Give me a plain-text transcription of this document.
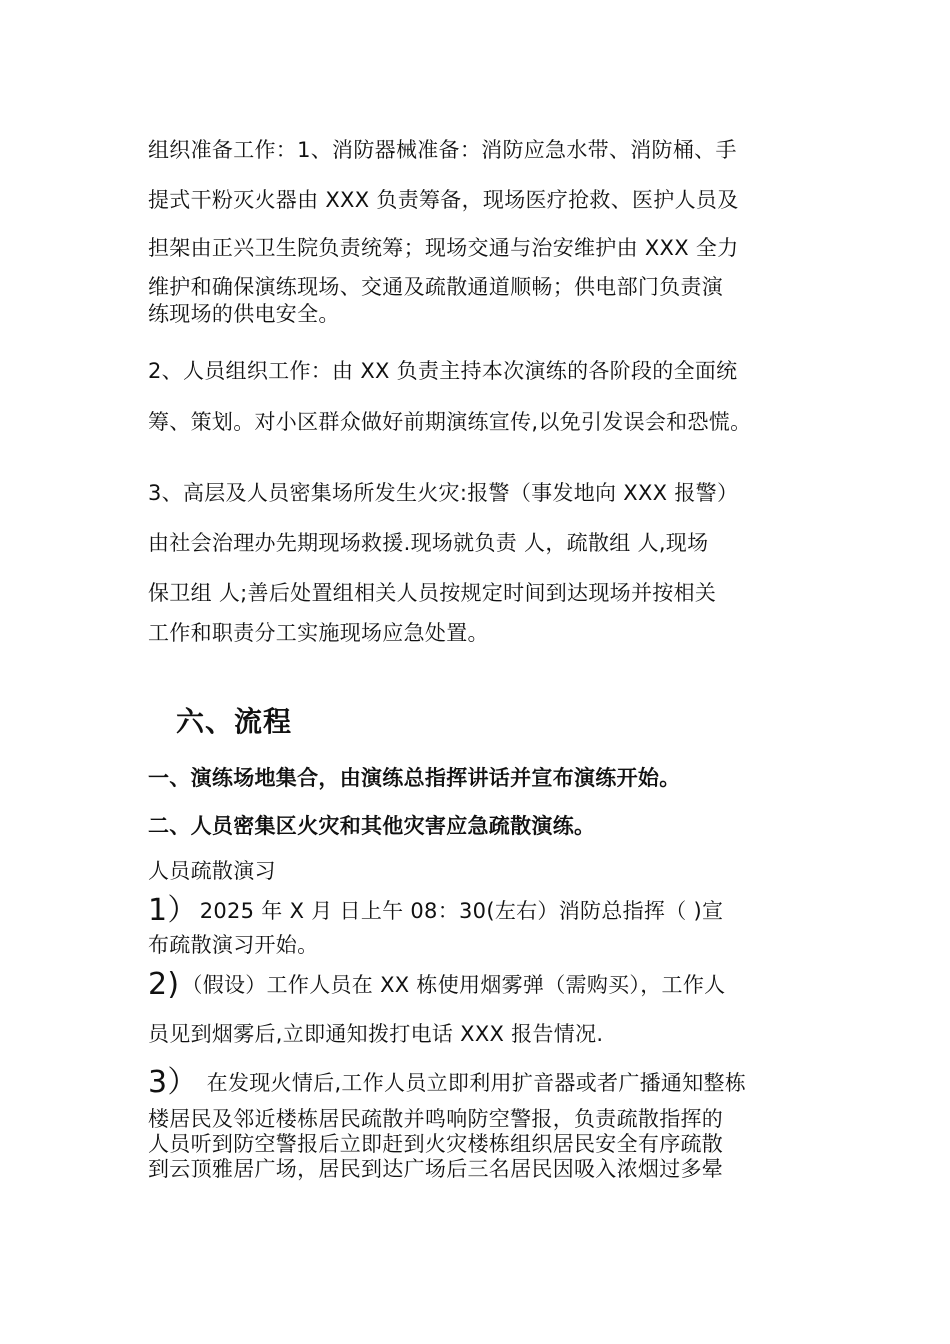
组织准备工作：1、消防器械准备：消防应急水带、消防桶、手
提式干粉灭火器由 XXX 负责筹备，现场医疗抢救、医护人员及
担架由正兴卫生院负责统筹；现场交通与治安维护由 XXX 全力
维护和确保演练现场、交通及疏散通道顺畅；供电部门负责演
练现场的供电安全。
2、人员组织工作：由 XX 负责主持本次演练的各阶段的全面统
筹、策划。对小区群众做好前期演练宣传,以免引发误会和恐慌。
3、高层及人员密集场所发生火灾:报警（事发地向 XXX 报警）
由社会治理办先期现场救援.现场就负责 人，疏散组 人,现场
保卫组 人;善后处置组相关人员按规定时间到达现场并按相关
工作和职责分工实施现场应急处置。
六、流程
一、演练场地集合，由演练总指挥讲话并宣布演练开始。
二、人员密集区火灾和其他灾害应急疏散演练。
人员疏散演习
1）2025 年 X 月 日上午 08：30(左右）消防总指挥（ )宣
布疏散演习开始。
2)（假设）工作人员在 XX 栋使用烟雾弹（需购买），工作人
员见到烟雾后,立即通知拨打电话 XXX 报告情况.
3） 在发现火情后,工作人员立即利用扩音器或者广播通知整栋
楼居民及邻近楼栋居民疏散并鸣响防空警报，负责疏散指挥的
人员听到防空警报后立即赶到火灾楼栋组织居民安全有序疏散
到云顶雅居广场，居民到达广场后三名居民因吸入浓烟过多晕
